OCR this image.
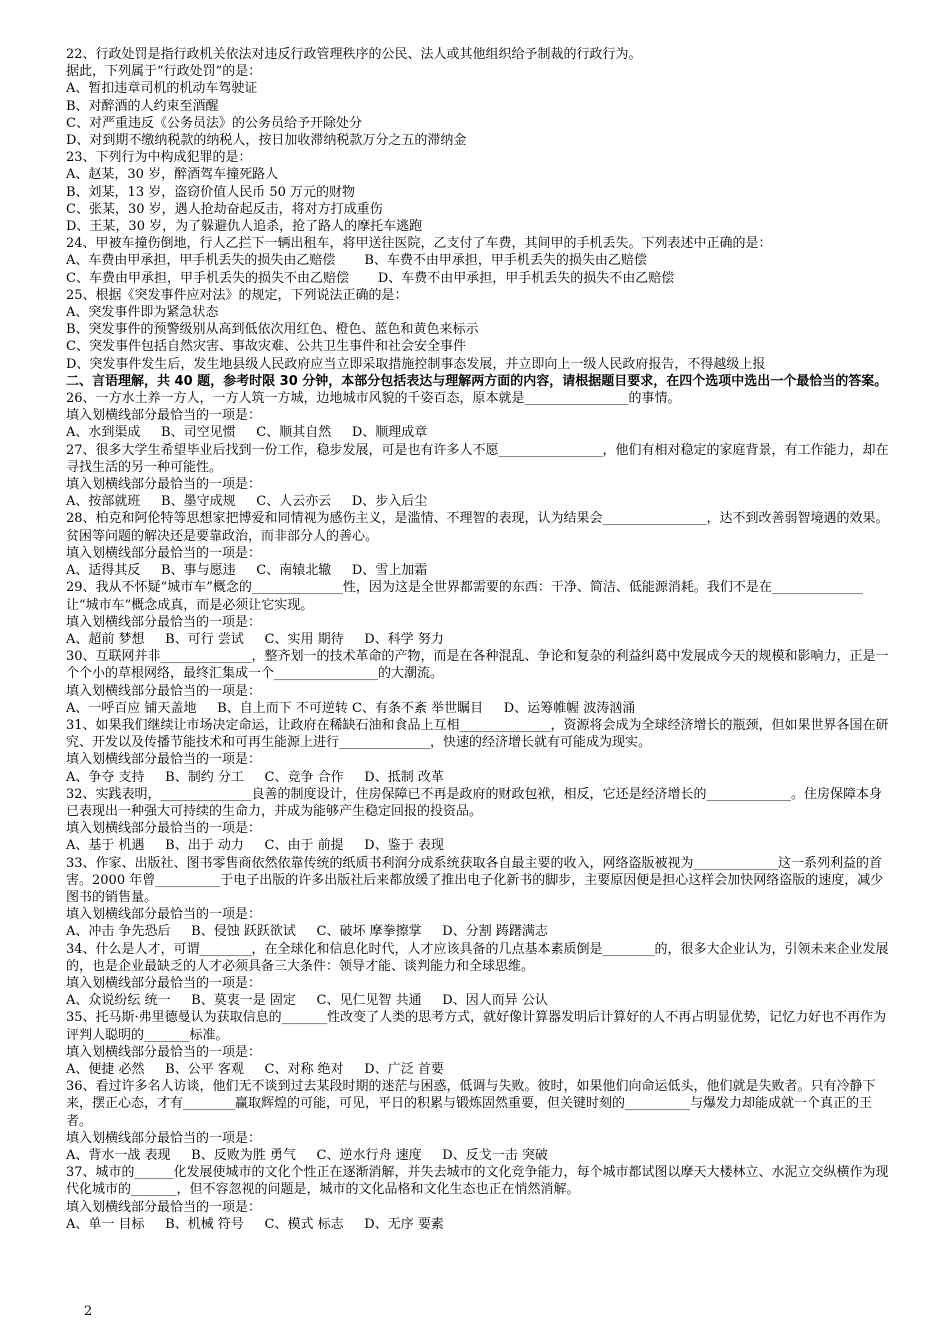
22、行政处罚是指行政机关依法对违反行政管理秩序的公民、法人或其他组织给予制裁的行政行为。

据此，下列属于“行政处罚”的是：

A、暂扣违章司机的机动车驾驶证

B、对醉酒的人约束至酒醒

C、对严重违反《公务员法》的公务员给予开除处分

D、对到期不缴纳税款的纳税人，按日加收滞纳税款万分之五的滞纳金

23、下列行为中构成犯罪的是：

A、赵某，30 岁，醉酒驾车撞死路人

B、刘某，13 岁，盗窃价值人民币 50 万元的财物

C、张某，30 岁，遇人抢劫奋起反击，将对方打成重伤

D、王某，30 岁，为了躲避仇人追杀，抢了路人的摩托车逃跑

24、甲被车撞伤倒地，行人乙拦下一辆出租车，将甲送往医院，乙支付了车费，其间甲的手机丢失。下列表述中正确的是：

A、车费由甲承担，甲手机丢失的损失由乙赔偿       B、车费不由甲承担，甲手机丢失的损失由乙赔偿

C、车费由甲承担，甲手机丢失的损失不由乙赔偿       D、车费不由甲承担，甲手机丢失的损失不由乙赔偿

25、根据《突发事件应对法》的规定，下列说法正确的是：

A、突发事件即为紧急状态

B、突发事件的预警级别从高到低依次用红色、橙色、蓝色和黄色来标示

C、突发事件包括自然灾害、事故灾难、公共卫生事件和社会安全事件

D、突发事件发生后，发生地县级人民政府应当立即采取措施控制事态发展，并立即向上一级人民政府报告，不得越级上报

二、言语理解，共 40 题，参考时限 30 分钟，本部分包括表达与理解两方面的内容，请根据题目要求，在四个选项中选出一个最恰当的答案。

26、一方水土养一方人，一方人筑一方城，边地城市风貌的千姿百态，原本就是________________的事情。

填入划横线部分最恰当的一项是：

A、水到渠成     B、司空见惯     C、顺其自然     D、顺理成章

27、很多大学生希望毕业后找到一份工作，稳步发展，可是也有许多人不愿________________，他们有相对稳定的家庭背景，有工作能力，却在寻找生活的另一种可能性。

填入划横线部分最恰当的一项是：

A、按部就班     B、墨守成规     C、人云亦云     D、步入后尘

28、柏克和阿伦特等思想家把博爱和同情视为感伤主义，是滥情、不理智的表现，认为结果会________________，达不到改善弱智境遇的效果。贫困等问题的解决还是要靠政治，而非部分人的善心。

填入划横线部分最恰当的一项是：

A、适得其反     B、事与愿违     C、南辕北辙     D、雪上加霜

29、我从不怀疑“城市车”概念的______________性，因为这是全世界都需要的东西：干净、简洁、低能源消耗。我们不是在______________让“城市车”概念成真，而是必须让它实现。

填入划横线部分最恰当的一项是：

A、超前 梦想     B、可行 尝试     C、实用 期待     D、科学 努力

30、互联网并非______________，整齐划一的技术革命的产物，而是在各种混乱、争论和复杂的利益纠葛中发展成今天的规模和影响力，正是一个个小的草根网络，最终汇集成一个________________的大潮流。

填入划横线部分最恰当的一项是：

A、一呼百应 铺天盖地     B、自上而下 不可逆转 C、有条不紊 举世瞩目     D、运筹帷幄 波涛汹涌

31、如果我们继续让市场决定命运，让政府在稀缺石油和食品上互相______________，资源将会成为全球经济增长的瓶颈，但如果世界各国在研究、开发以及传播节能技术和可再生能源上进行______________，快速的经济增长就有可能成为现实。

填入划横线部分最恰当的一项是：

A、争夺 支持     B、制约 分工     C、竞争 合作     D、抵制 改革

32、实践表明，______________良善的制度设计，住房保障已不再是政府的财政包袱，相反，它还是经济增长的_____________。住房保障本身已表现出一种强大可持续的生命力，并成为能够产生稳定回报的投资品。

填入划横线部分最恰当的一项是：

A、基于 机遇     B、出于 动力     C、由于 前提     D、鉴于 表现

33、作家、出版社、图书零售商依然依靠传统的纸质书利润分成系统获取各自最主要的收入，网络盗版被视为_____________这一系列利益的首害。2000 年曾__________于电子出版的许多出版社后来都放缓了推出电子化新书的脚步，主要原因便是担心这样会加快网络盗版的速度，减少图书的销售量。

填入划横线部分最恰当的一项是：

A、冲击 争先恐后     B、侵蚀 跃跃欲试     C、破坏 摩拳擦掌     D、分割 踌躇满志

34、什么是人才，可谓________，在全球化和信息化时代，人才应该具备的几点基本素质倒是________的，很多大企业认为，引领未来企业发展的，也是企业最缺乏的人才必须具备三大条件：领导才能、谈判能力和全球思维。

填入划横线部分最恰当的一项是：

A、众说纷纭 统一     B、莫衷一是 固定     C、见仁见智 共通     D、因人而异 公认

35、托马斯·弗里德曼认为获取信息的_______性改变了人类的思考方式，就好像计算器发明后计算好的人不再占明显优势，记忆力好也不再作为评判人聪明的_______标准。

填入划横线部分最恰当的一项是：

A、便捷 必然     B、公平 客观     C、对称 绝对     D、广泛 首要

36、看过许多名人访谈，他们无不谈到过去某段时期的迷茫与困惑，低调与失败。彼时，如果他们向命运低头，他们就是失败者。只有冷静下来，摆正心态，才有________赢取辉煌的可能，可见，平日的积累与锻炼固然重要，但关键时刻的__________与爆发力却能成就一个真正的王者。

填入划横线部分最恰当的一项是：

A、背水一战 表现     B、反败为胜 勇气     C、逆水行舟 速度     D、反戈一击 突破

37、城市的______化发展使城市的文化个性正在逐渐消解，并失去城市的文化竞争能力，每个城市都试图以摩天大楼林立、水泥立交纵横作为现代化城市的_______，但不容忽视的问题是，城市的文化品格和文化生态也正在悄然消解。

填入划横线部分最恰当的一项是：

A、单一 目标     B、机械 符号     C、模式 标志     D、无序 要素

2
